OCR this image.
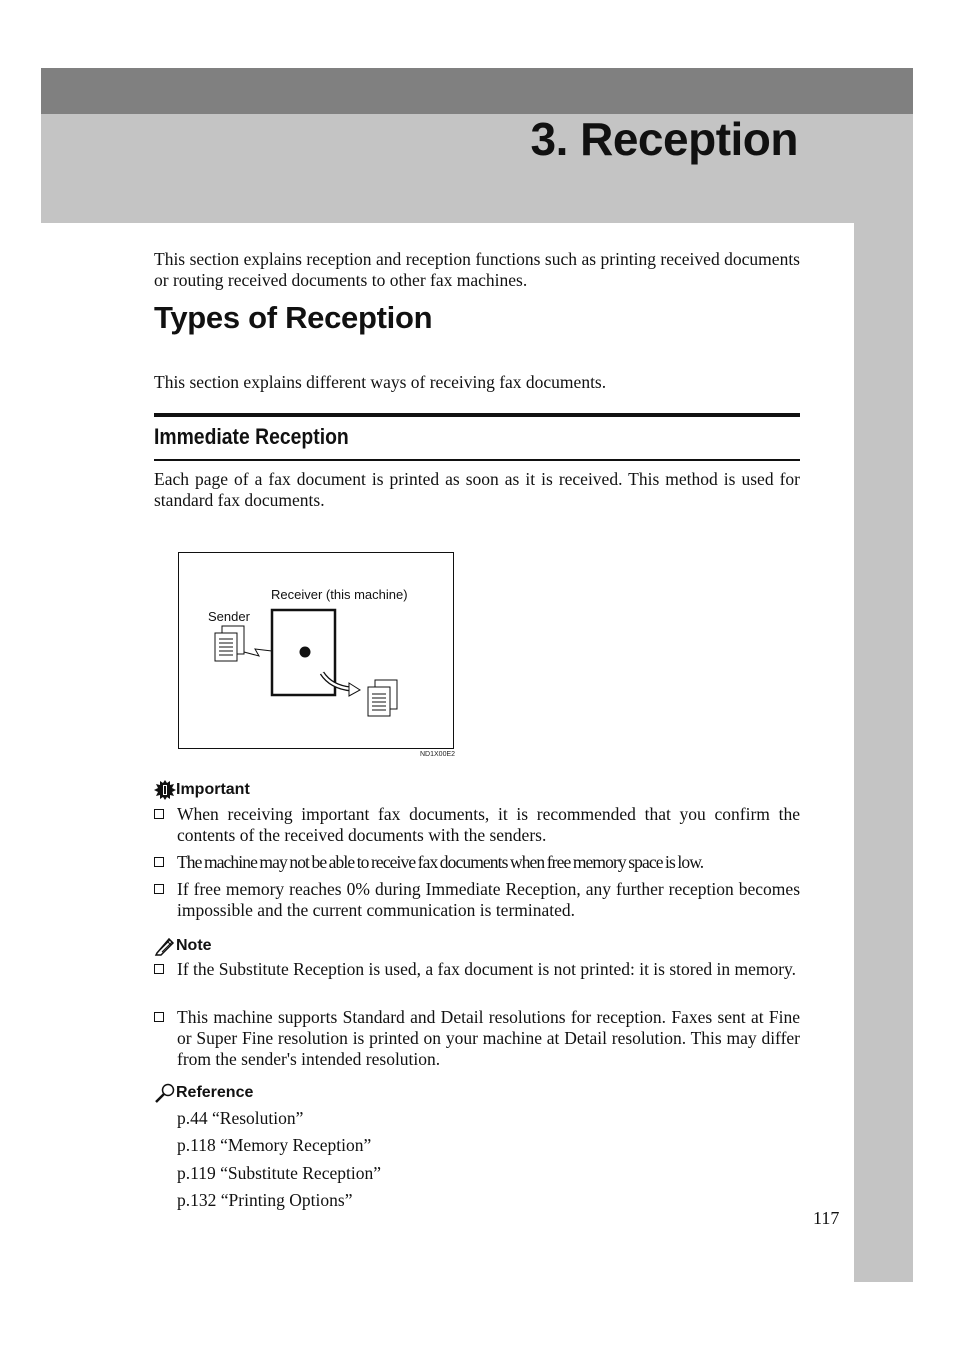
3. Reception

This section explains reception and reception functions such as printing received documents or routing received documents to other fax machines.

Types of Reception

This section explains different ways of receiving fax documents.

Immediate Reception

Each page of a fax document is printed as soon as it is received. This method is used for standard fax documents.

Receiver (this machine)
Sender
ND1X00E2
Important
When receiving important fax documents, it is recommended that you confirm the contents of the received documents with the senders.
The machine may not be able to receive fax documents when free memory space is low.
If free memory reaches 0% during Immediate Reception, any further reception becomes impossible and the current communication is terminated.
Note
If the Substitute Reception is used, a fax document is not printed: it is stored in memory.
This machine supports Standard and Detail resolutions for reception. Faxes sent at Fine or Super Fine resolution is printed on your machine at Detail resolution. This may differ from the sender's intended resolution.
Reference
p.44 “Resolution”
p.118 “Memory Reception”
p.119 “Substitute Reception”
p.132 “Printing Options”
117
